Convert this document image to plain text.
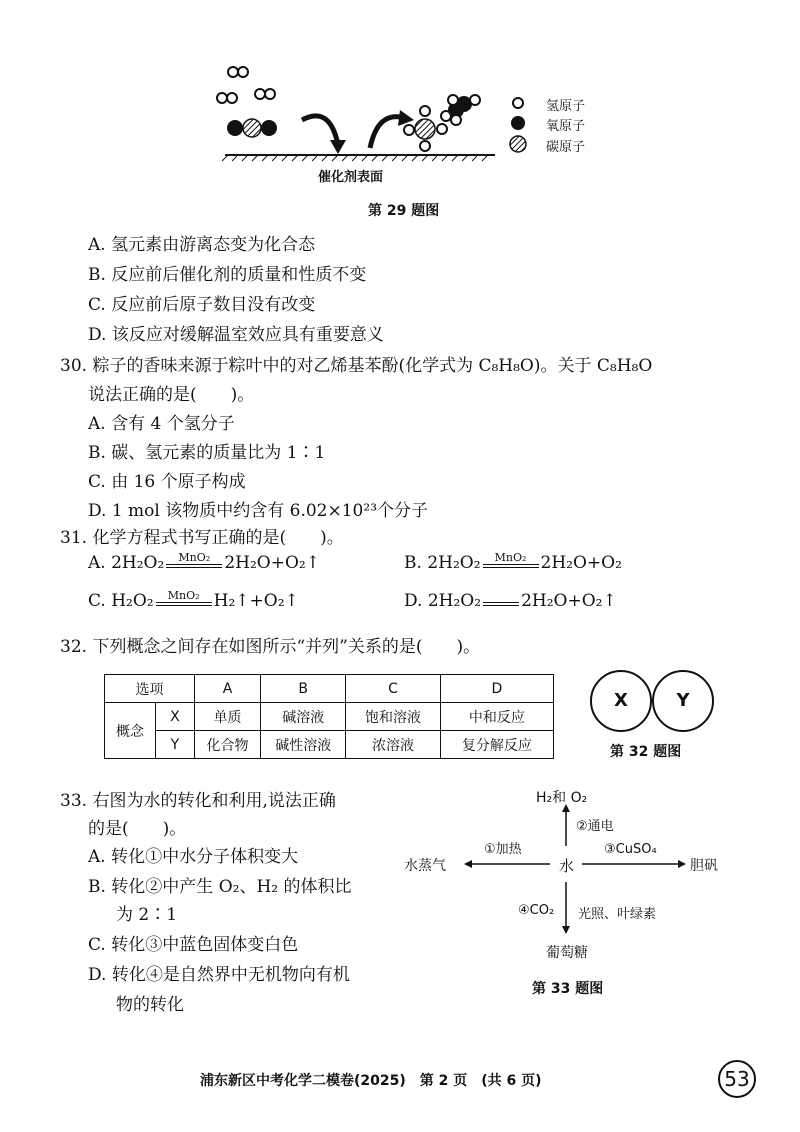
氢原子
氧原子
碳原子
催化剂表面
第 29 题图
A. 氢元素由游离态变为化合态
B. 反应前后催化剂的质量和性质不变
C. 反应前后原子数目没有改变
D. 该反应对缓解温室效应具有重要意义
30. 粽子的香味来源于粽叶中的对乙烯基苯酚(化学式为 C₈H₈O)。关于 C₈H₈O
说法正确的是(　　)。
A. 含有 4 个氢分子
B. 碳、氢元素的质量比为 1∶1
C. 由 16 个原子构成
D. 1 mol 该物质中约含有 6.02×10²³个分子
31. 化学方程式书写正确的是(　　)。
A. 2H₂O₂	MnO₂ 2H₂O+O₂↑	B. 2H₂O₂	MnO₂ 2H₂O+O₂
C. H₂O₂	MnO₂ H₂↑+O₂↑	D. 2H₂O₂ 2H₂O+O₂↑
32. 下列概念之间存在如图所示“并列”关系的是(　　)。
选项		A	B	C	D
概念	X	单质	碱溶液	饱和溶液	中和反应
	Y	化合物	碱性溶液	浓溶液	复分解反应
X	Y
第 32 题图
33. 右图为水的转化和利用,说法正确
的是(　　)。
A. 转化①中水分子体积变大
B. 转化②中产生 O₂、H₂ 的体积比
为 2∶1
C. 转化③中蓝色固体变白色
D. 转化④是自然界中无机物向有机
物的转化
H₂和 O₂
②通电
①加热
水蒸气	水
③CuSO₄
胆矾
④CO₂ 光照、叶绿素
葡萄糖
第 33 题图
浦东新区中考化学二模卷(2025)　第 2 页　(共 6 页)	53
